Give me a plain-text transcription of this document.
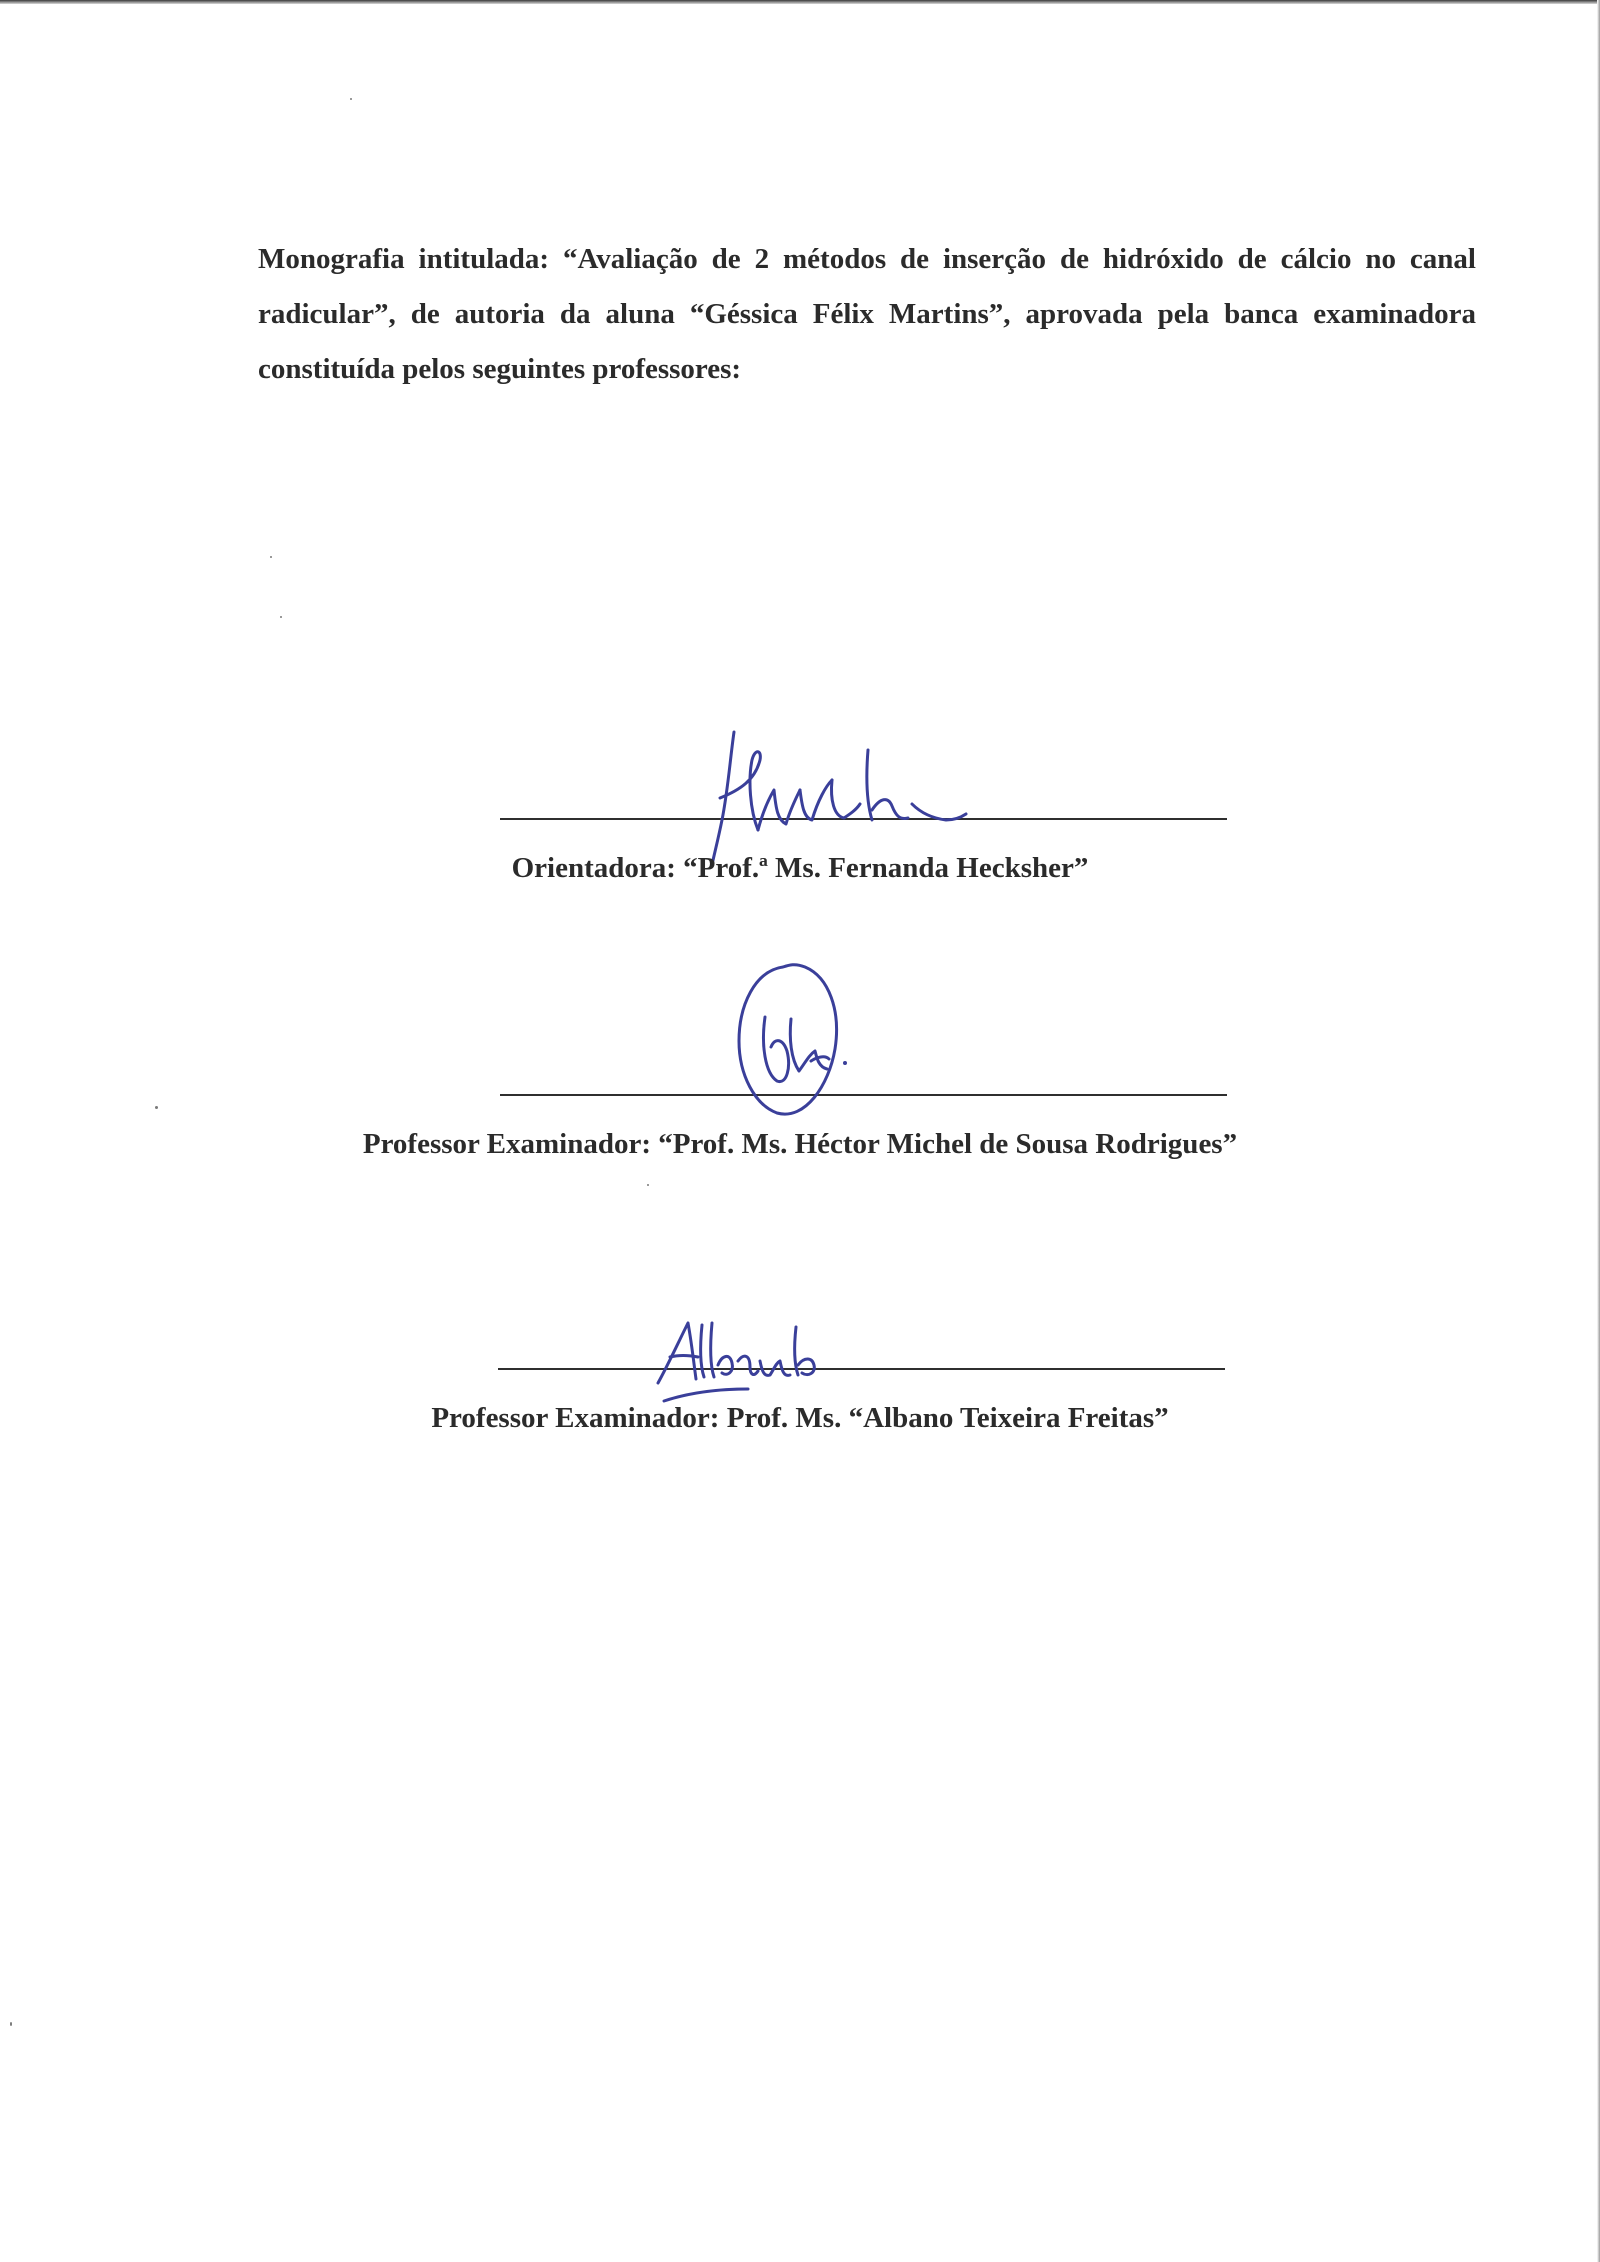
Monografia intitulada: “Avaliação de 2 métodos de inserção de hidróxido de cálcio no canal radicular”, de autoria da aluna “Géssica Félix Martins”, aprovada pela banca examinadora constituída pelos seguintes professores:

Orientadora: “Prof.ª Ms. Fernanda Hecksher”
Professor Examinador: “Prof. Ms. Héctor Michel de Sousa Rodrigues”
Professor Examinador: Prof. Ms. “Albano Teixeira Freitas”
